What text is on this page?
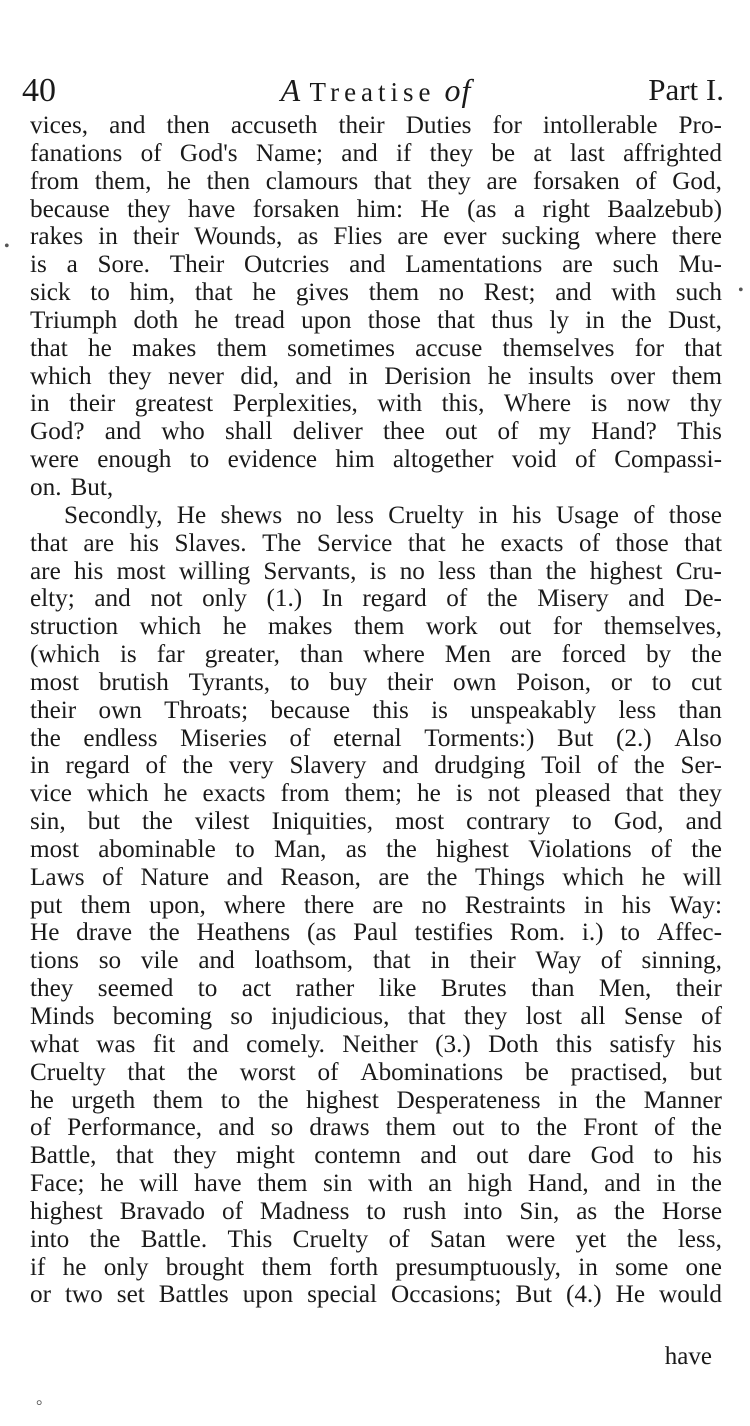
40	A Treatise of	Part I.
vices, and then accuseth their Duties for intollerable Pro-
fanations of God's Name; and if they be at last affrighted
from them, he then clamours that they are forsaken of God,
because they have forsaken him: He (as a right Baalzebub)
rakes in their Wounds, as Flies are ever sucking where there
is a Sore. Their Outcries and Lamentations are such Mu-
sick to him, that he gives them no Rest; and with such
Triumph doth he tread upon those that thus ly in the Dust,
that he makes them sometimes accuse themselves for that
which they never did, and in Derision he insults over them
in their greatest Perplexities, with this, Where is now thy
God? and who shall deliver thee out of my Hand? This
were enough to evidence him altogether void of Compassi-
on. But,
Secondly, He shews no less Cruelty in his Usage of those
that are his Slaves. The Service that he exacts of those that
are his most willing Servants, is no less than the highest Cru-
elty; and not only (1.) In regard of the Misery and De-
struction which he makes them work out for themselves,
(which is far greater, than where Men are forced by the
most brutish Tyrants, to buy their own Poison, or to cut
their own Throats; because this is unspeakably less than
the endless Miseries of eternal Torments:) But (2.) Also
in regard of the very Slavery and drudging Toil of the Ser-
vice which he exacts from them; he is not pleased that they
sin, but the vilest Iniquities, most contrary to God, and
most abominable to Man, as the highest Violations of the
Laws of Nature and Reason, are the Things which he will
put them upon, where there are no Restraints in his Way:
He drave the Heathens (as Paul testifies Rom. i.) to Affec-
tions so vile and loathsom, that in their Way of sinning,
they seemed to act rather like Brutes than Men, their
Minds becoming so injudicious, that they lost all Sense of
what was fit and comely. Neither (3.) Doth this satisfy his
Cruelty that the worst of Abominations be practised, but
he urgeth them to the highest Desperateness in the Manner
of Performance, and so draws them out to the Front of the
Battle, that they might contemn and out dare God to his
Face; he will have them sin with an high Hand, and in the
highest Bravado of Madness to rush into Sin, as the Horse
into the Battle. This Cruelty of Satan were yet the less,
if he only brought them forth presumptuously, in some one
or two set Battles upon special Occasions; But (4.) He would
have
•
•
°
